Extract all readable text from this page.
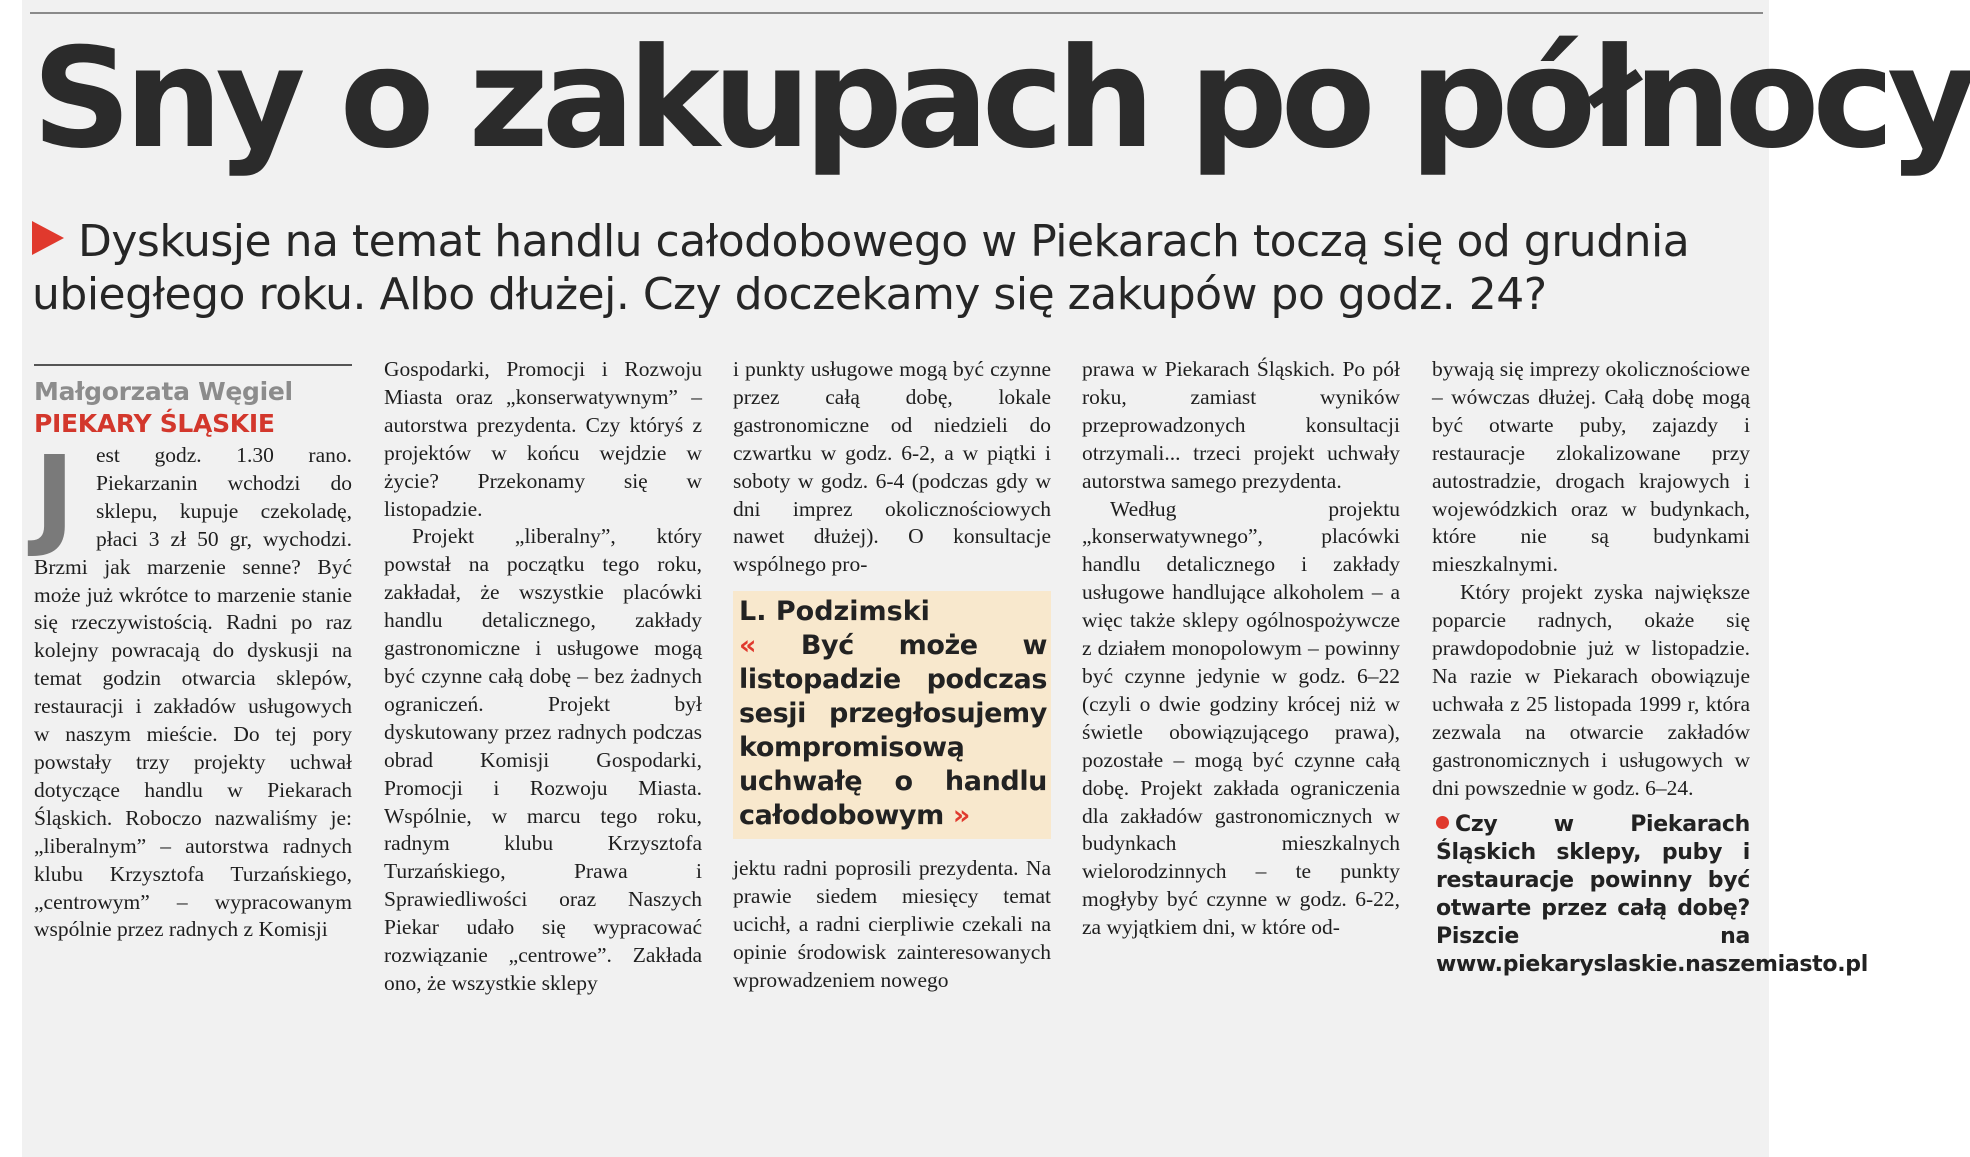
Sny o zakupach po północy
Dyskusje na temat handlu całodobowego w Piekarach toczą się od grudnia ubiegłego roku. Albo dłużej. Czy doczekamy się zakupów po godz. 24?
Małgorzata Węgiel
PIEKARY ŚLĄSKIE

Jest godz. 1.30 rano. Piekarzanin wchodzi do sklepu, kupuje czekoladę, płaci 3 zł 50 gr, wychodzi. Brzmi jak marzenie senne? Być może już wkrótce to marzenie stanie się rzeczywistością. Radni po raz kolejny powracają do dyskusji na temat godzin otwarcia sklepów, restauracji i zakładów usługowych w naszym mieście. Do tej pory powstały trzy projekty uchwał dotyczące handlu w Piekarach Śląskich. Roboczo nazwaliśmy je: „liberalnym” – autorstwa radnych klubu Krzysztofa Turzańskiego, „centrowym” – wypracowanym wspólnie przez radnych z Komisji

Gospodarki, Promocji i Rozwoju Miasta oraz „konserwatywnym” – autorstwa prezydenta. Czy któryś z projektów w końcu wejdzie w życie? Przekonamy się w listopadzie.

Projekt „liberalny”, który powstał na początku tego roku, zakładał, że wszystkie placówki handlu detalicznego, zakłady gastronomiczne i usługowe mogą być czynne całą dobę – bez żadnych ograniczeń. Projekt był dyskutowany przez radnych podczas obrad Komisji Gospodarki, Promocji i Rozwoju Miasta. Wspólnie, w marcu tego roku, radnym klubu Krzysztofa Turzańskiego, Prawa i Sprawiedliwości oraz Naszych Piekar udało się wypracować rozwiązanie „centrowe”. Zakłada ono, że wszystkie sklepy

i punkty usługowe mogą być czynne przez całą dobę, lokale gastronomiczne od niedzieli do czwartku w godz. 6-2, a w piątki i soboty w godz. 6-4 (podczas gdy w dni imprez okolicznościowych nawet dłużej). O konsultacje wspólnego pro-

L. Podzimski
« Być może w listopadzie podczas sesji przegłosujemy kompromisową uchwałę o handlu całodobowym »

jektu radni poprosili prezydenta. Na prawie siedem miesięcy temat ucichł, a radni cierpliwie czekali na opinie środowisk zainteresowanych wprowadzeniem nowego

prawa w Piekarach Śląskich. Po pół roku, zamiast wyników przeprowadzonych konsultacji otrzymali... trzeci projekt uchwały autorstwa samego prezydenta.

Według projektu „konserwatywnego”, placówki handlu detalicznego i zakłady usługowe handlujące alkoholem – a więc także sklepy ogólnospożywcze z działem monopolowym – powinny być czynne jedynie w godz. 6–22 (czyli o dwie godziny krócej niż w świetle obowiązującego prawa), pozostałe – mogą być czynne całą dobę. Projekt zakłada ograniczenia dla zakładów gastronomicznych w budynkach mieszkalnych wielorodzinnych – te punkty mogłyby być czynne w godz. 6-22, za wyjątkiem dni, w które od-

bywają się imprezy okolicznościowe – wówczas dłużej. Całą dobę mogą być otwarte puby, zajazdy i restauracje zlokalizowane przy autostradzie, drogach krajowych i wojewódzkich oraz w budynkach, które nie są budynkami mieszkalnymi.

Który projekt zyska największe poparcie radnych, okaże się prawdopodobnie już w listopadzie. Na razie w Piekarach obowiązuje uchwała z 25 listopada 1999 r, która zezwala na otwarcie zakładów gastronomicznych i usługowych w dni powszednie w godz. 6–24.

Czy w Piekarach Śląskich sklepy, puby i restauracje powinny być otwarte przez całą dobę? Piszcie na www.piekaryslaskie.naszemiasto.pl
